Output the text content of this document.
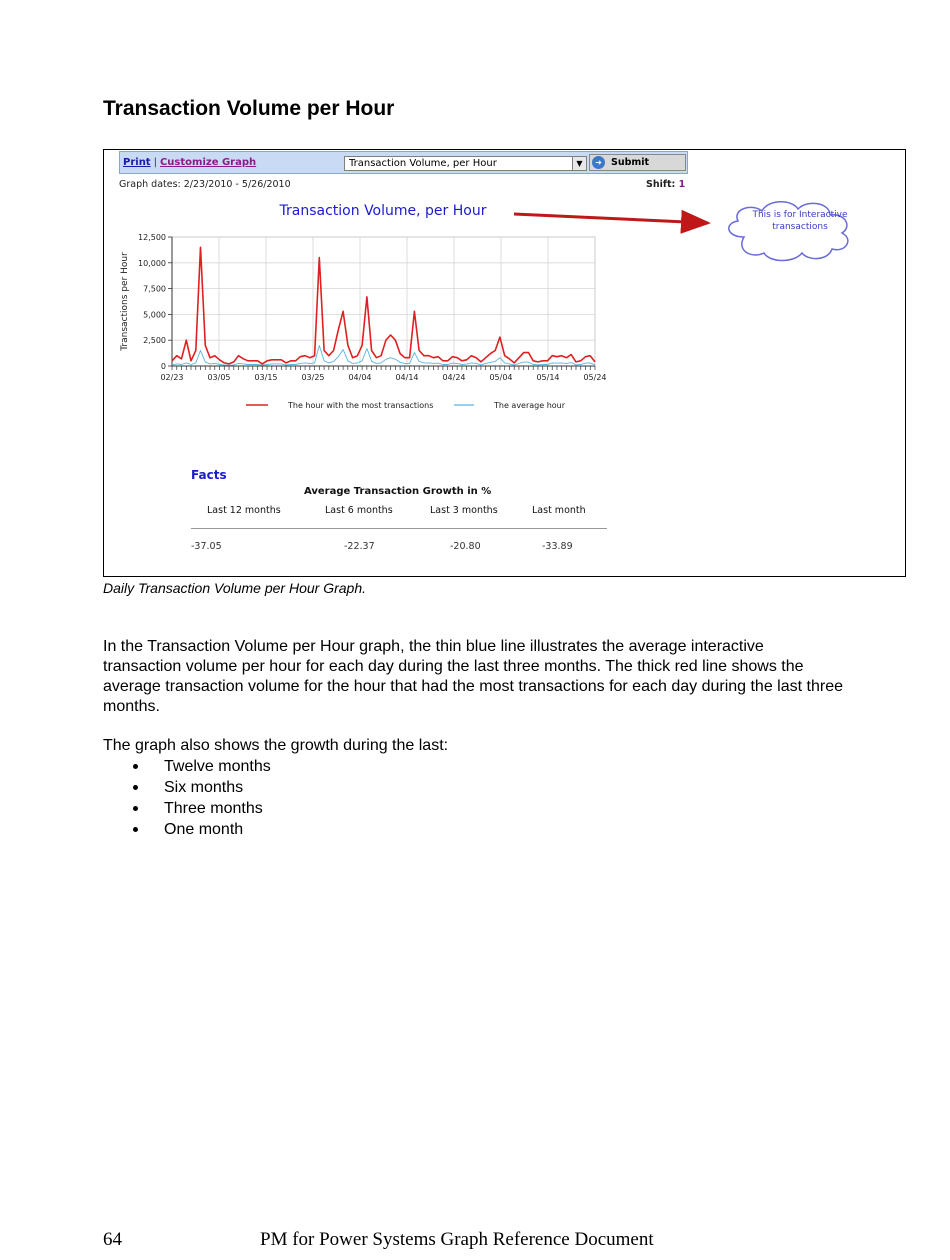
Transaction Volume per Hour
Print | Customize Graph	Transaction Volume, per Hour	▼	➜ Submit
Graph dates: 2/23/2010 - 5/26/2010	Shift: 1
Transaction Volume, per Hour
0
2,500
5,000
7,500
10,000
12,500
Transactions per Hour
02/23	03/05	03/15	03/25	04/04	04/14	04/24	05/04	05/14	05/24
The hour with the most transactions	The average hour
This is for Interactive
transactions
Facts
Average Transaction Growth in %
Last 12 months	Last 6 months	Last 3 months	Last month
-37.05	-22.37	-20.80	-33.89

Daily Transaction Volume per Hour Graph.

In the Transaction Volume per Hour graph, the thin blue line illustrates the average interactive transaction volume per hour for each day during the last three months. The thick red line shows the average transaction volume for the hour that had the most transactions for each day during the last three months.

The graph also shows the growth during the last:

Twelve months
Six months
Three months
One month
64	PM for Power Systems Graph Reference Document
